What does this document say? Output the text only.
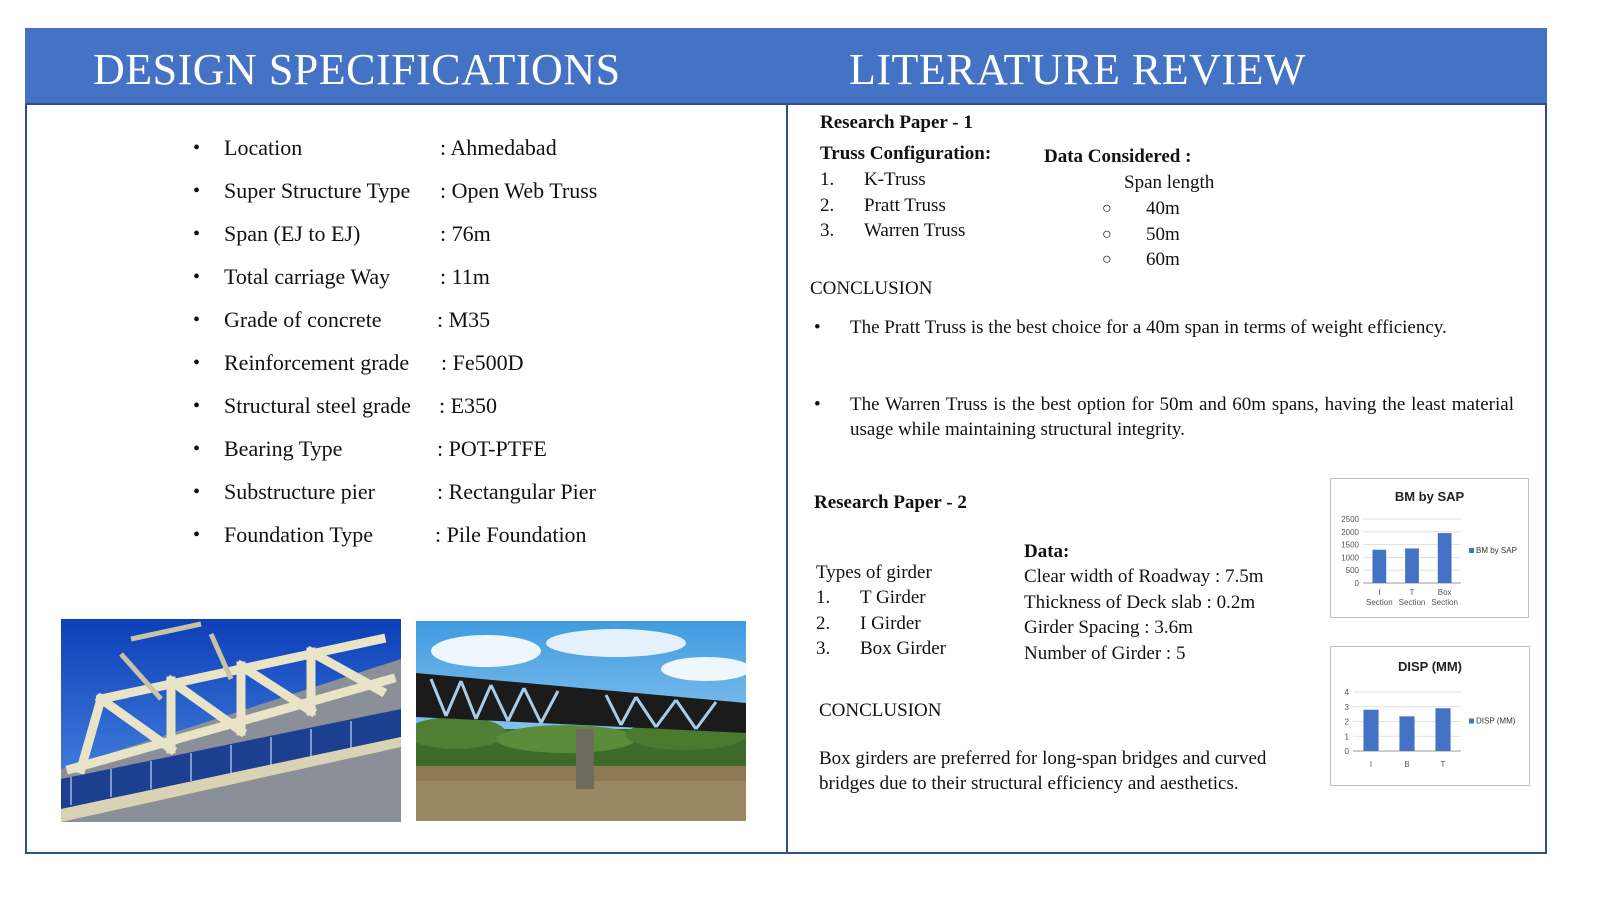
DESIGN SPECIFICATIONS	LITERATURE REVIEW
• Location	: Ahmedabad
• Super Structure Type : Open Web Truss
• Span (EJ to EJ)	: 76m
• Total carriage Way : 11m
• Grade of concrete	: M35
• Reinforcement grade : Fe500D
• Structural steel grade : E350
• Bearing Type	: POT-PTFE
• Substructure pier	: Rectangular Pier
• Foundation Type	: Pile Foundation
Research Paper - 1
Truss Configuration:
1. K-Truss
2. Pratt Truss
3. Warren Truss
Data Considered :
Span length
○ 40m
○ 50m
○ 60m
CONCLUSION
• The Pratt Truss is the best choice for a 40m span in terms of weight efficiency.
• The Warren Truss is the best option for 50m and 60m spans, having the least material usage while maintaining structural integrity.
Research Paper - 2
Data:
Types of girder
1. T Girder
2. I Girder
3. Box Girder
Clear width of Roadway : 7.5m
Thickness of Deck slab : 0.2m
Girder Spacing : 3.6m
Number of Girder : 5
CONCLUSION
Box girders are preferred for long-span bridges and curved bridges due to their structural efficiency and aesthetics.
BM by SAP
0
500
1000
1500
2000
2500
I
Section
T
Section
Box
Section
BM by SAP
DISP (MM)
0
1
2
3
4
I	B	T
DISP (MM)
